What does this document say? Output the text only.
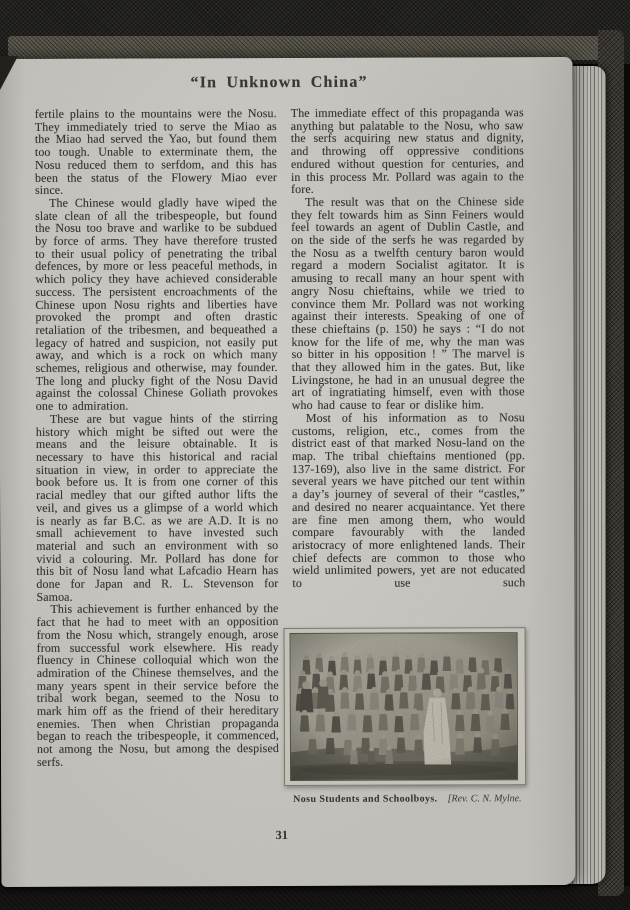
“In Unknown China”

fertile plains to the mountains were the Nosu. They immediately tried to serve the Miao as the Miao had served the Yao, but found them too tough. Unable to exterminate them, the Nosu reduced them to serfdom, and this has been the status of the Flowery Miao ever since.

The Chinese would gladly have wiped the slate clean of all the tribespeople, but found the Nosu too brave and warlike to be subdued by force of arms. They have therefore trusted to their usual policy of penetrating the tribal defences, by more or less peaceful methods, in which policy they have achieved considerable success. The persistent encroachments of the Chinese upon Nosu rights and liberties have provoked the prompt and often drastic retaliation of the tribesmen, and bequeathed a legacy of hatred and suspicion, not easily put away, and which is a rock on which many schemes, religious and otherwise, may founder. The long and plucky fight of the Nosu David against the colossal Chinese Goliath provokes one to admiration.

These are but vague hints of the stirring history which might be sifted out were the means and the leisure obtainable. It is necessary to have this historical and racial situation in view, in order to appreciate the book before us. It is from one corner of this racial medley that our gifted author lifts the veil, and gives us a glimpse of a world which is nearly as far B.C. as we are A.D. It is no small achievement to have invested such material and such an environment with so vivid a colouring. Mr. Pollard has done for this bit of Nosu land what Lafcadio Hearn has done for Japan and R. L. Stevenson for Samoa.

This achievement is further enhanced by the fact that he had to meet with an opposition from the Nosu which, strangely enough, arose from successful work elsewhere. His ready fluency in Chinese colloquial which won the admiration of the Chinese themselves, and the many years spent in their service before the tribal work began, seemed to the Nosu to mark him off as the friend of their hereditary enemies. Then when Christian propaganda began to reach the tribespeople, it commenced, not among the Nosu, but among the despised serfs.

The immediate effect of this propaganda was anything but palatable to the Nosu, who saw the serfs acquiring new status and dignity, and throwing off oppressive conditions endured without question for centuries, and in this process Mr. Pollard was again to the fore.

The result was that on the Chinese side they felt towards him as Sinn Feiners would feel towards an agent of Dublin Castle, and on the side of the serfs he was regarded by the Nosu as a twelfth century baron would regard a modern Socialist agitator. It is amusing to recall many an hour spent with angry Nosu chieftains, while we tried to convince them Mr. Pollard was not working against their interests. Speaking of one of these chieftains (p. 150) he says : “I do not know for the life of me, why the man was so bitter in his opposition ! ” The marvel is that they allowed him in the gates. But, like Livingstone, he had in an unusual degree the art of ingratiating himself, even with those who had cause to fear or dislike him.

Most of his information as to Nosu customs, religion, etc., comes from the district east of that marked Nosu-land on the map. The tribal chieftains mentioned (pp. 137-169), also live in the same district. For several years we have pitched our tent within a day’s journey of several of their “castles,” and desired no nearer acquaintance. Yet there are fine men among them, who would compare favourably with the landed aristocracy of more enlightened lands. Their chief defects are common to those who wield unlimited powers, yet are not educated to use such

Nosu Students and Schoolboys. [Rev. C. N. Mylne.
31
